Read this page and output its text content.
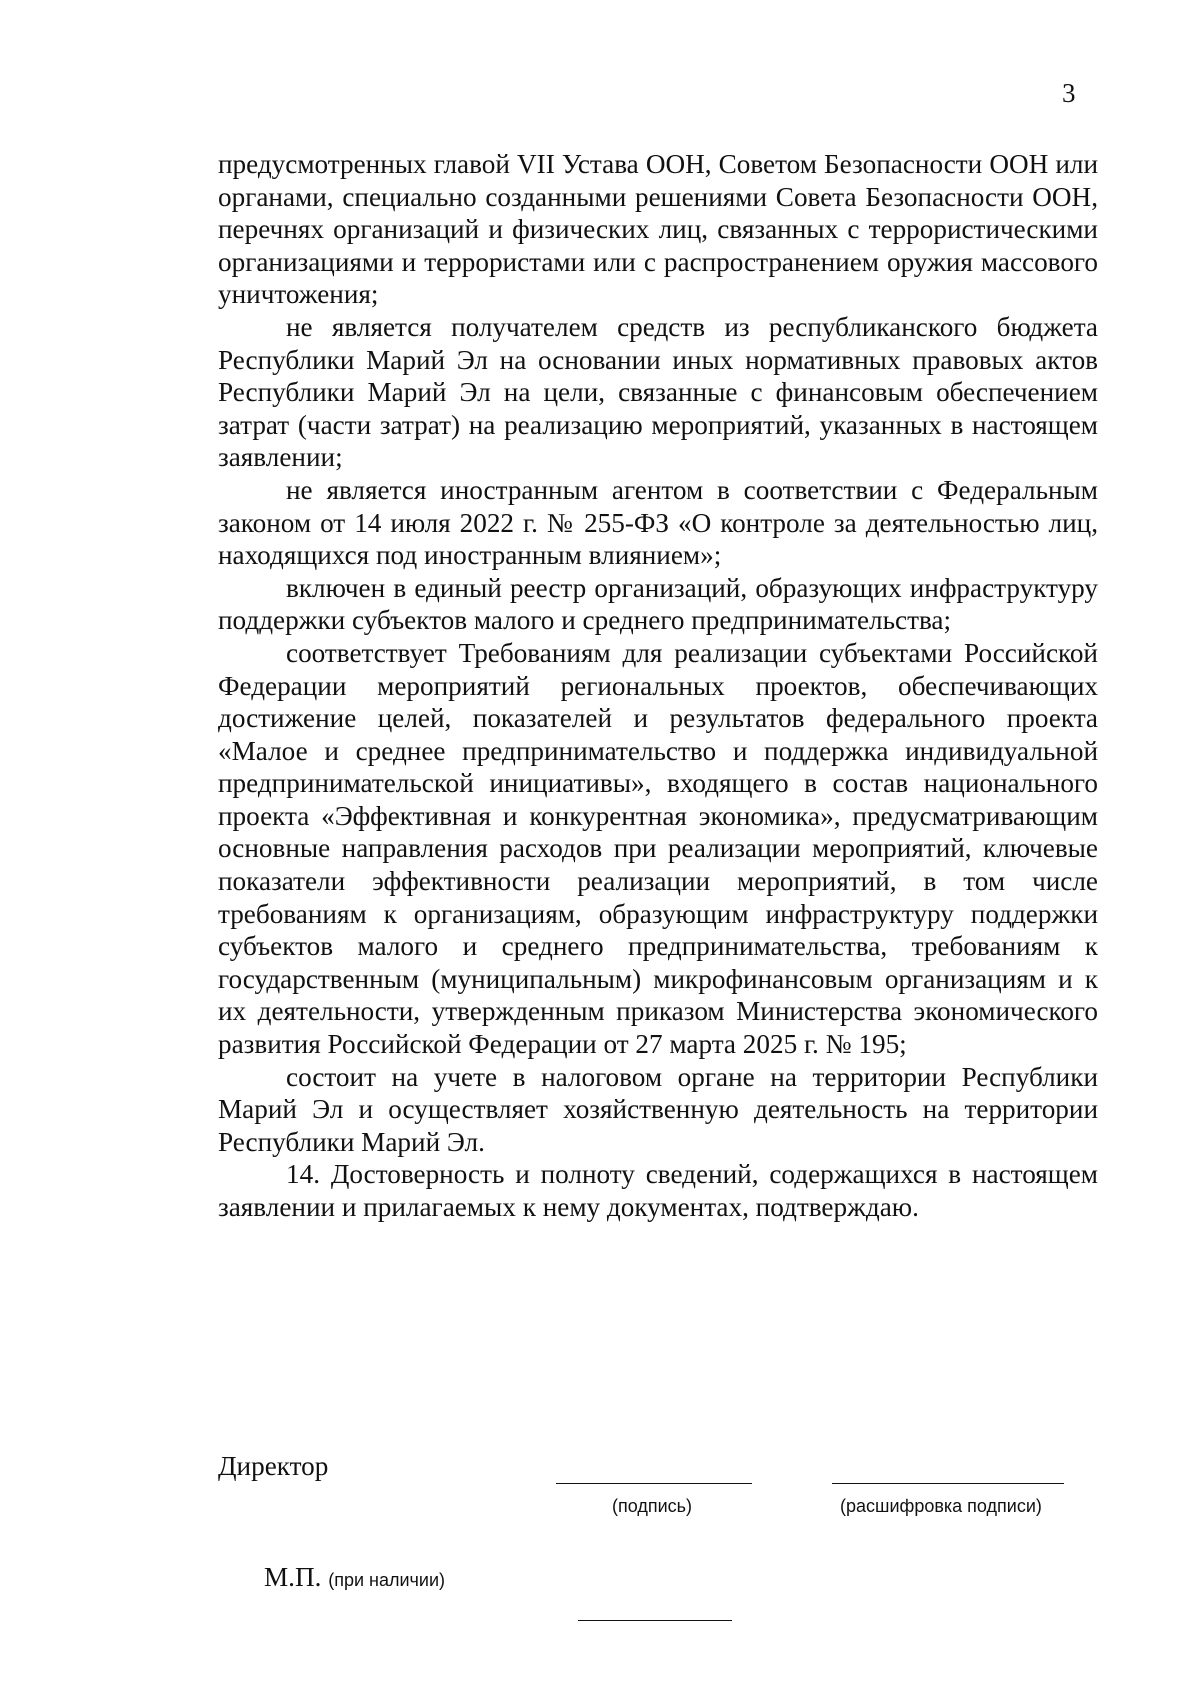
3

предусмотренных главой VII Устава ООН, Советом Безопасности ООН или органами, специально созданными решениями Совета Безопасности ООН, перечнях организаций и физических лиц, связанных с террористическими организациями и террористами или с распространением оружия массового уничтожения;

не является получателем средств из республиканского бюджета Республики Марий Эл на основании иных нормативных правовых актов Республики Марий Эл на цели, связанные с финансовым обеспечением затрат (части затрат) на реализацию мероприятий, указанных в настоящем заявлении;

не является иностранным агентом в соответствии с Федеральным законом от 14 июля 2022 г. № 255-ФЗ «О контроле за деятельностью лиц, находящихся под иностранным влиянием»;

включен в единый реестр организаций, образующих инфраструктуру поддержки субъектов малого и среднего предпринимательства;

соответствует Требованиям для реализации субъектами Российской Федерации мероприятий региональных проектов, обеспечивающих достижение целей, показателей и результатов федерального проекта «Малое и среднее предпринимательство и поддержка индивидуальной предпринимательской инициативы», входящего в состав национального проекта «Эффективная и конкурентная экономика», предусматривающим основные направления расходов при реализации мероприятий, ключевые показатели эффективности реализации мероприятий, в том числе требованиям к организациям, образующим инфраструктуру поддержки субъектов малого и среднего предпринимательства, требованиям к государственным (муниципальным) микрофинансовым организациям и к их деятельности, утвержденным приказом Министерства экономического развития Российской Федерации от 27 марта 2025 г. № 195;

состоит на учете в налоговом органе на территории Республики Марий Эл и осуществляет хозяйственную деятельность на территории Республики Марий Эл.

14. Достоверность и полноту сведений, содержащихся в настоящем заявлении и прилагаемых к нему документах, подтверждаю.

Директор
(подпись)	(расшифровка подписи)
М.П. (при наличии)
